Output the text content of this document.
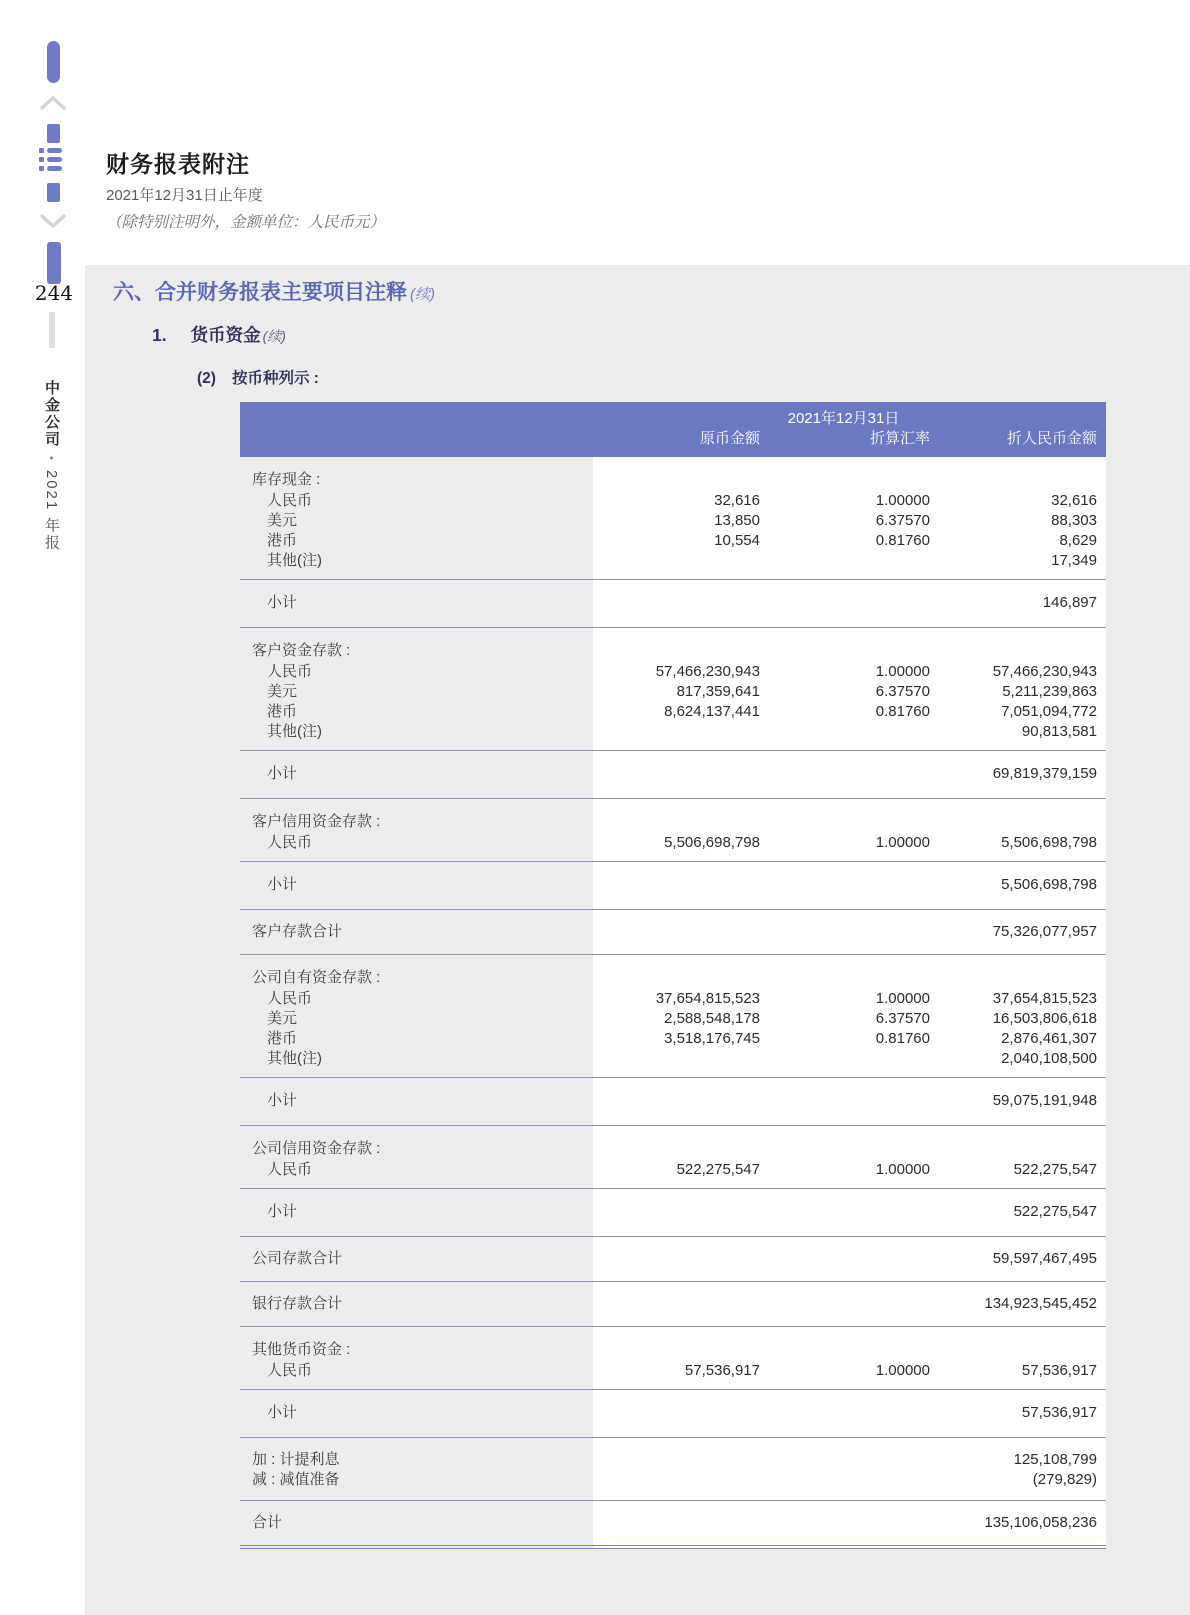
244
中金公司•2021 年报
财务报表附注
2021年12月31日止年度
（除特别注明外，金额单位：人民币元）
六、合并财务报表主要项目注释 (续)
1. 货币资金 (续)
(2) 按币种列示 :
	2021年12月31日		
	原币金额	折算汇率	折人民币金额
库存现金 :			
人民币	32,616	1.00000	32,616
美元	13,850	6.37570	88,303
港币	10,554	0.81760	8,629
其他(注)			17,349

小计			146,897

客户资金存款 :			
人民币	57,466,230,943	1.00000	57,466,230,943
美元	817,359,641	6.37570	5,211,239,863
港币	8,624,137,441	0.81760	7,051,094,772
其他(注)			90,813,581

小计			69,819,379,159

客户信用资金存款 :			
人民币	5,506,698,798	1.00000	5,506,698,798

小计			5,506,698,798

客户存款合计			75,326,077,957

公司自有资金存款 :			
人民币	37,654,815,523	1.00000	37,654,815,523
美元	2,588,548,178	6.37570	16,503,806,618
港币	3,518,176,745	0.81760	2,876,461,307
其他(注)			2,040,108,500

小计			59,075,191,948

公司信用资金存款 :			
人民币	522,275,547	1.00000	522,275,547

小计			522,275,547

公司存款合计			59,597,467,495

银行存款合计			134,923,545,452

其他货币资金 :			
人民币	57,536,917	1.00000	57,536,917

小计			57,536,917

加 : 计提利息			125,108,799
减 : 减值准备			(279,829)

合计			135,106,058,236
